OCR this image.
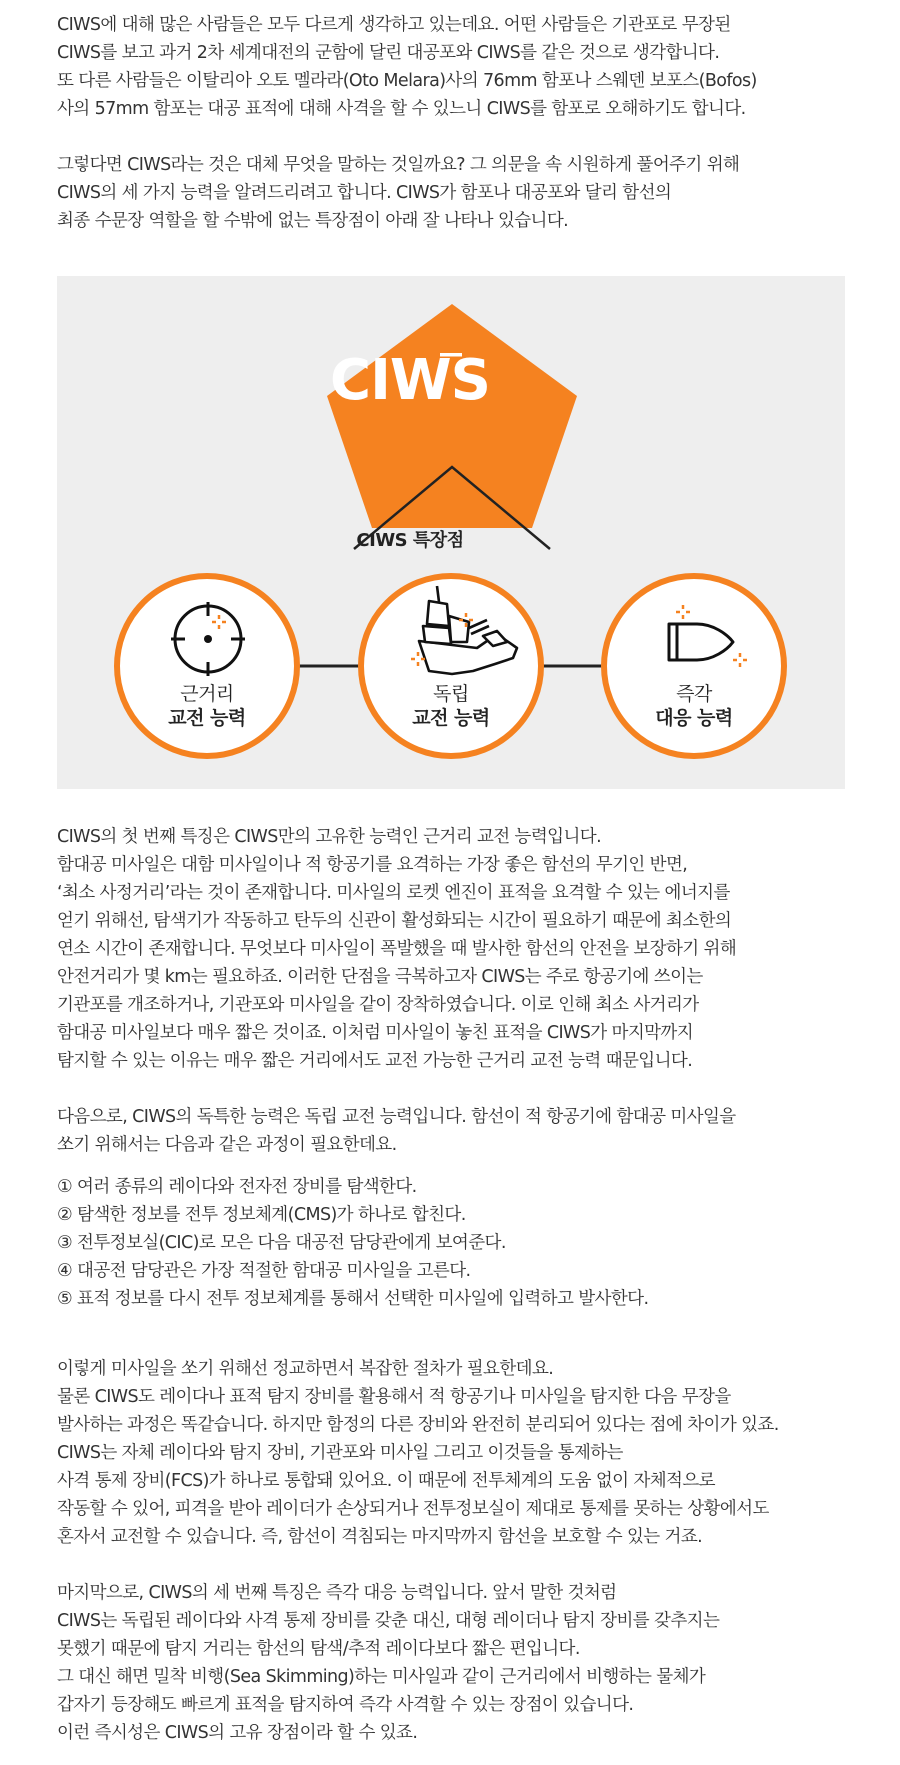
CIWS에 대해 많은 사람들은 모두 다르게 생각하고 있는데요. 어떤 사람들은 기관포로 무장된
CIWS를 보고 과거 2차 세계대전의 군함에 달린 대공포와 CIWS를 같은 것으로 생각합니다.
또 다른 사람들은 이탈리아 오토 멜라라(Oto Melara)사의 76mm 함포나 스웨덴 보포스(Bofos)
사의 57mm 함포는 대공 표적에 대해 사격을 할 수 있느니 CIWS를 함포로 오해하기도 합니다.
그렇다면 CIWS라는 것은 대체 무엇을 말하는 것일까요? 그 의문을 속 시원하게 풀어주기 위해
CIWS의 세 가지 능력을 알려드리려고 합니다. CIWS가 함포나 대공포와 달리 함선의
최종 수문장 역할을 할 수밖에 없는 특장점이 아래 잘 나타나 있습니다.
CIWS
CIWS 특장점
근거리
교전 능력
독립
교전 능력
즉각
대응 능력
CIWS의 첫 번째 특징은 CIWS만의 고유한 능력인 근거리 교전 능력입니다.
함대공 미사일은 대함 미사일이나 적 항공기를 요격하는 가장 좋은 함선의 무기인 반면,
‘최소 사정거리’라는 것이 존재합니다. 미사일의 로켓 엔진이 표적을 요격할 수 있는 에너지를
얻기 위해선, 탐색기가 작동하고 탄두의 신관이 활성화되는 시간이 필요하기 때문에 최소한의
연소 시간이 존재합니다. 무엇보다 미사일이 폭발했을 때 발사한 함선의 안전을 보장하기 위해
안전거리가 몇 km는 필요하죠. 이러한 단점을 극복하고자 CIWS는 주로 항공기에 쓰이는
기관포를 개조하거나, 기관포와 미사일을 같이 장착하였습니다. 이로 인해 최소 사거리가
함대공 미사일보다 매우 짧은 것이죠. 이처럼 미사일이 놓친 표적을 CIWS가 마지막까지
탐지할 수 있는 이유는 매우 짧은 거리에서도 교전 가능한 근거리 교전 능력 때문입니다.
다음으로, CIWS의 독특한 능력은 독립 교전 능력입니다. 함선이 적 항공기에 함대공 미사일을
쏘기 위해서는 다음과 같은 과정이 필요한데요.
① 여러 종류의 레이다와 전자전 장비를 탐색한다.
② 탐색한 정보를 전투 정보체계(CMS)가 하나로 합친다.
③ 전투정보실(CIC)로 모은 다음 대공전 담당관에게 보여준다.
④ 대공전 담당관은 가장 적절한 함대공 미사일을 고른다.
⑤ 표적 정보를 다시 전투 정보체계를 통해서 선택한 미사일에 입력하고 발사한다.
이렇게 미사일을 쏘기 위해선 정교하면서 복잡한 절차가 필요한데요.
물론 CIWS도 레이다나 표적 탐지 장비를 활용해서 적 항공기나 미사일을 탐지한 다음 무장을
발사하는 과정은 똑같습니다. 하지만 함정의 다른 장비와 완전히 분리되어 있다는 점에 차이가 있죠.
CIWS는 자체 레이다와 탐지 장비, 기관포와 미사일 그리고 이것들을 통제하는
사격 통제 장비(FCS)가 하나로 통합돼 있어요. 이 때문에 전투체계의 도움 없이 자체적으로
작동할 수 있어, 피격을 받아 레이더가 손상되거나 전투정보실이 제대로 통제를 못하는 상황에서도
혼자서 교전할 수 있습니다. 즉, 함선이 격침되는 마지막까지 함선을 보호할 수 있는 거죠.
마지막으로, CIWS의 세 번째 특징은 즉각 대응 능력입니다. 앞서 말한 것처럼
CIWS는 독립된 레이다와 사격 통제 장비를 갖춘 대신, 대형 레이더나 탐지 장비를 갖추지는
못했기 때문에 탐지 거리는 함선의 탐색/추적 레이다보다 짧은 편입니다.
그 대신 해면 밀착 비행(Sea Skimming)하는 미사일과 같이 근거리에서 비행하는 물체가
갑자기 등장해도 빠르게 표적을 탐지하여 즉각 사격할 수 있는 장점이 있습니다.
이런 즉시성은 CIWS의 고유 장점이라 할 수 있죠.
